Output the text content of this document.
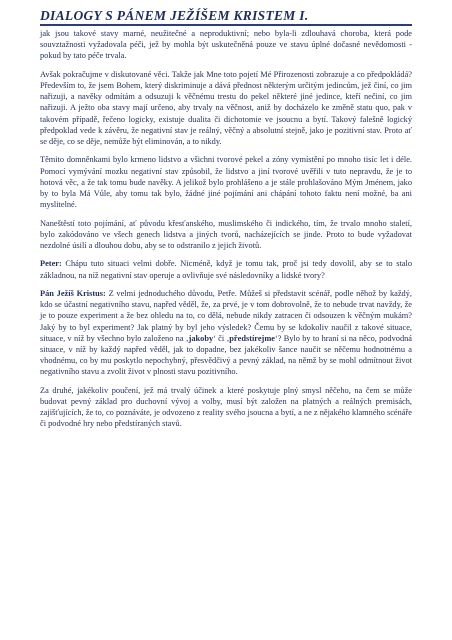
DIALOGY S PÁNEM JEŽÍŠEM KRISTEM I.

jak jsou takové stavy marné, neužitečné a neproduktivní; nebo byla-li zdlouhavá choroba, která pode souvztažnosti vyžadovala péči, jež by mohla být uskutečněná pouze ve stavu úplné dočasné nevědomosti - pokud by tato péče trvala.

Avšak pokračujme v diskutované věci. Takže jak Mne toto pojetí Mé Přirozenosti zobrazuje a co předpokládá? Především to, že jsem Bohem, který diskriminuje a dává přednost některým určitým jedincům, jež činí, co jim nařizuji, a navěky odmítám a odsuzuji k věčnému trestu do pekel některé jiné jedince, kteří nečiní, co jim nařizuji. A ježto oba stavy mají určeno, aby trvaly na věčnost, aniž by docházelo ke změně statu quo, pak v takovém případě, řečeno logicky, existuje dualita či dichotomie ve jsoucnu a bytí. Takový falešně logický předpoklad vede k závěru, že negativní stav je reálný, věčný a absolutní stejně, jako je pozitivní stav. Proto ať se děje, co se děje, nemůže být eliminován, a to nikdy.

Těmito domněnkami bylo krmeno lidstvo a všichni tvorové pekel a zóny vymístění po mnoho tisíc let i déle. Pomocí vymývání mozku negativní stav způsobil, že lidstvo a jiní tvorové uvěřili v tuto nepravdu, že je to hotová věc, a že tak tomu bude navěky. A jelikož bylo prohlášeno a je stále prohlašováno Mým Jménem, jako by to byla Má Vůle, aby tomu tak bylo, žádné jiné pojímání ani chápání tohoto faktu není možné, ba ani myslitelné.

Naneštěstí toto pojímání, ať původu křesťanského, muslimského či indického, tím, že trvalo mnoho staletí, bylo zakódováno ve všech genech lidstva a jiných tvorů, nacházejících se jinde. Proto to bude vyžadovat nezdolné úsilí a dlouhou dobu, aby se to odstranilo z jejich životů.

Peter: Chápu tuto situaci velmi dobře. Nicméně, když je tomu tak, proč jsi tedy dovolil, aby se to stalo základnou, na níž negativní stav operuje a ovlivňuje své následovníky a lidské tvory?

Pán Ježíš Kristus: Z velmi jednoduchého důvodu, Petře. Můžeš si představit scénář, podle něhož by každý, kdo se účastní negativního stavu, napřed věděl, že, za prvé, je v tom dobrovolně, že to nebude trvat navždy, že je to pouze experiment a že bez ohledu na to, co dělá, nebude nikdy zatracen či odsouzen k věčným mukám? Jaký by to byl experiment? Jak platný by byl jeho výsledek? Čemu by se kdokoliv naučil z takové situace, situace, v níž by všechno bylo založeno na ‚jakoby‘ či ‚předstírejme‘? Bylo by to hraní si na něco, podvodná situace, v níž by každý napřed věděl, jak to dopadne, bez jakékoliv šance naučit se něčemu hodnotnému a vhodnému, co by mu poskytlo nepochybný, přesvědčivý a pevný základ, na němž by se mohl odmítnout život negativního stavu a zvolit život v plnosti stavu pozitivního.

Za druhé, jakékoliv poučení, jež má trvalý účinek a které poskytuje plný smysl něčeho, na čem se může budovat pevný základ pro duchovní vývoj a volby, musí být založen na platných a reálných premisách, zajišťujících, že to, co poznáváte, je odvozeno z reality svého jsoucna a bytí, a ne z nějakého klamného scénáře či podvodné hry nebo předstíraných stavů.
